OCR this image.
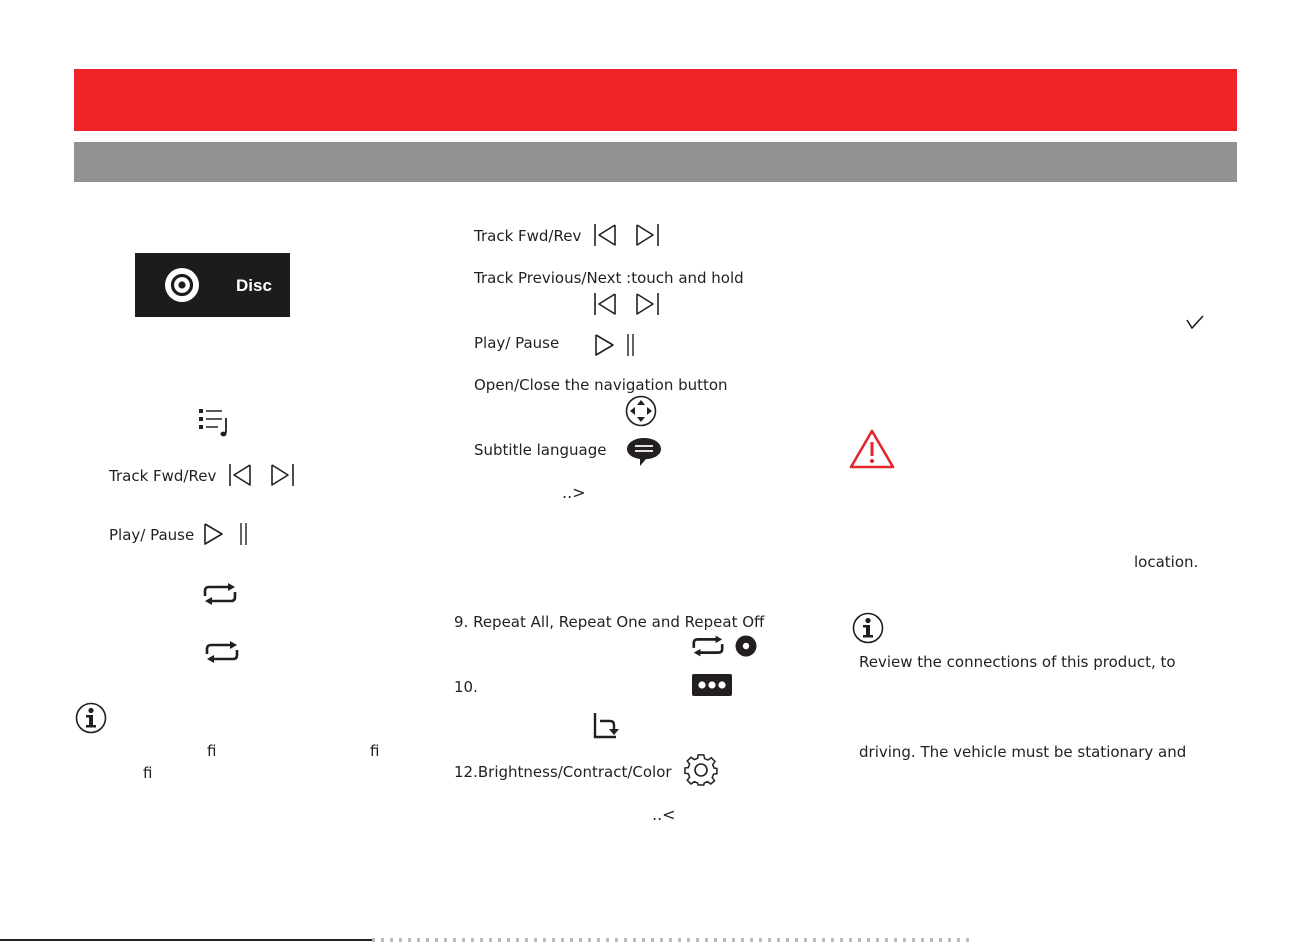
Disc
Track Fwd/Rev
Play/ Pause
ﬁ	ﬁ
ﬁ
Track Fwd/Rev
Track Previous/Next :touch and hold
Play/ Pause
Open/Close the navigation button
Subtitle language
..>
9. Repeat All, Repeat One and Repeat Off
10.
12.Brightness/Contract/Color
..<
location.
Review the connections of this product, to
driving. The vehicle must be stationary and
